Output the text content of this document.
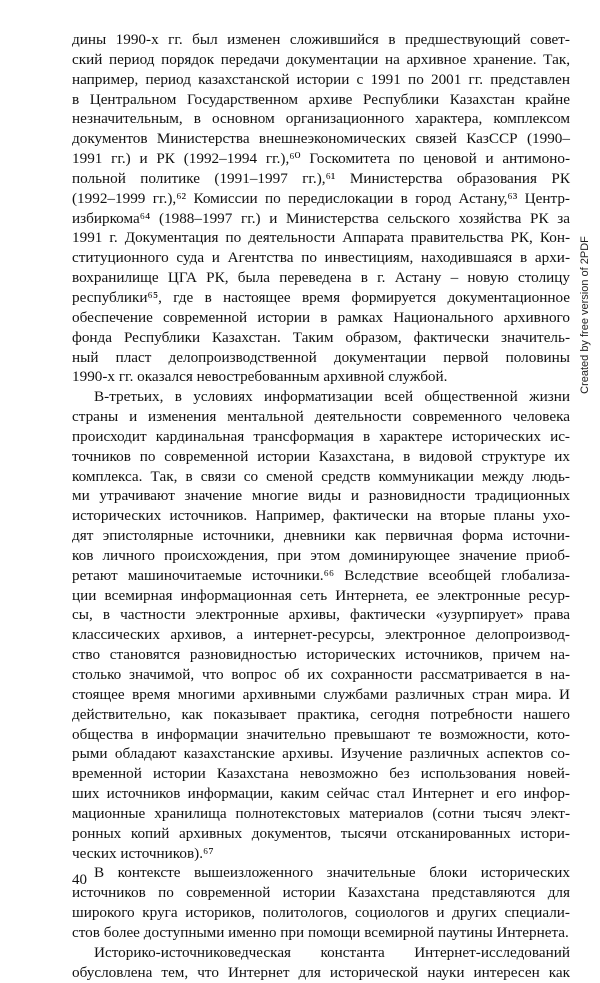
дины 1990-х гг. был изменен сложившийся в предшествующий совет-
ский период порядок передачи документации на архивное хранение. Так,
например, период казахстанской истории с 1991 по 2001 гг. представлен
в Центральном Государственном архиве Республики Казахстан крайне
незначительным, в основном организационного характера, комплексом
документов Министерства внешнеэкономических связей КазССР (1990–
1991 гг.) и РК (1992–1994 гг.),⁶⁰ Госкомитета по ценовой и антимоно-
польной политике (1991–1997 гг.),⁶¹ Министерства образования РК
(1992–1999 гг.),⁶² Комиссии по передислокации в город Астану,⁶³ Центр-
избиркома⁶⁴ (1988–1997 гг.) и Министерства сельского хозяйства РК за
1991 г. Документация по деятельности Аппарата правительства РК, Кон-
ституционного суда и Агентства по инвестициям, находившаяся в архи-
вохранилище ЦГА РК, была переведена в г. Астану – новую столицу
республики⁶⁵, где в настоящее время формируется документационное
обеспечение современной истории в рамках Национального архивного
фонда Республики Казахстан. Таким образом, фактически значитель-
ный пласт делопроизводственной документации первой половины
1990-х гг. оказался невостребованным архивной службой.
В-третьих, в условиях информатизации всей общественной жизни
страны и изменения ментальной деятельности современного человека
происходит кардинальная трансформация в характере исторических ис-
точников по современной истории Казахстана, в видовой структуре их
комплекса. Так, в связи со сменой средств коммуникации между людь-
ми утрачивают значение многие виды и разновидности традиционных
исторических источников. Например, фактически на вторые планы ухо-
дят эпистолярные источники, дневники как первичная форма источни-
ков личного происхождения, при этом доминирующее значение приоб-
ретают машиночитаемые источники.⁶⁶ Вследствие всеобщей глобализа-
ции всемирная информационная сеть Интернета, ее электронные ресур-
сы, в частности электронные архивы, фактически «узурпирует» права
классических архивов, а интернет-ресурсы, электронное делопроизвод-
ство становятся разновидностью исторических источников, причем на-
столько значимой, что вопрос об их сохранности рассматривается в на-
стоящее время многими архивными службами различных стран мира. И
действительно, как показывает практика, сегодня потребности нашего
общества в информации значительно превышают те возможности, кото-
рыми обладают казахстанские архивы. Изучение различных аспектов со-
временной истории Казахстана невозможно без использования новей-
ших источников информации, каким сейчас стал Интернет и его инфор-
мационные хранилища полнотекстовых материалов (сотни тысяч элект-
ронных копий архивных документов, тысячи отсканированных истори-
ческих источников).⁶⁷
В контексте вышеизложенного значительные блоки исторических
источников по современной истории Казахстана представляются для
широкого круга историков, политологов, социологов и других специали-
стов более доступными именно при помощи всемирной паутины Интернета.
Историко-источниковедческая константа Интернет-исследований
обусловлена тем, что Интернет для исторической науки интересен как
Created by free version of 2PDF
40
